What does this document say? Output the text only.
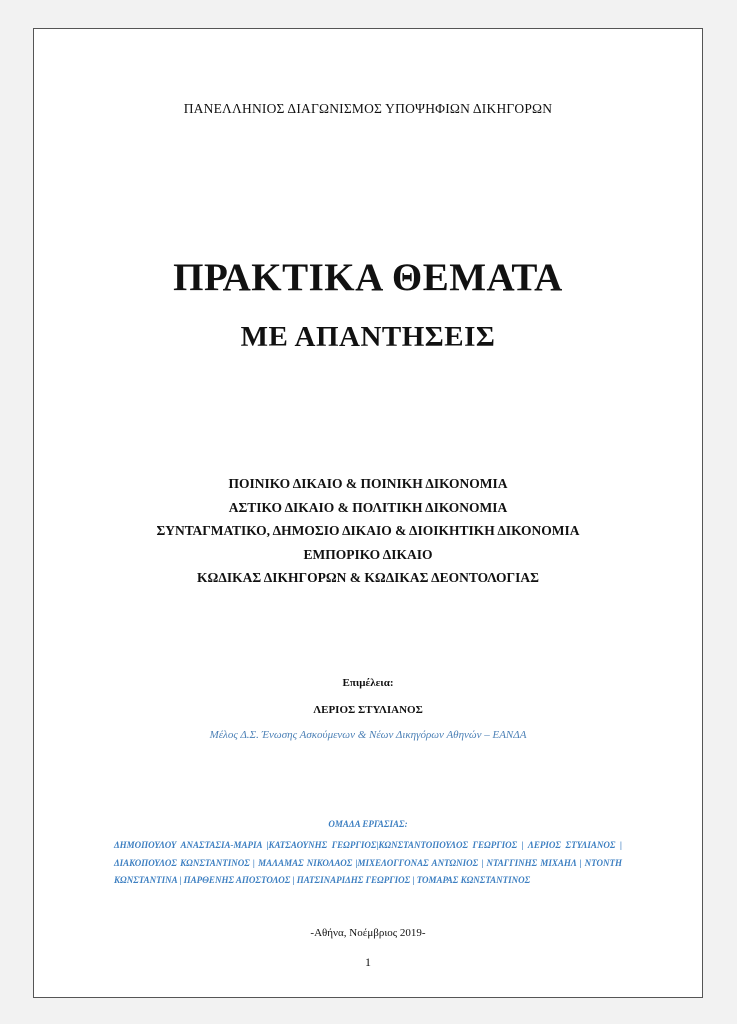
ΠΑΝΕΛΛΗΝΙΟΣ ΔΙΑΓΩΝΙΣΜΟΣ ΥΠΟΨΗΦΙΩΝ ΔΙΚΗΓΟΡΩΝ

ΠΡΑΚΤΙΚΑ ΘΕΜΑΤΑ

ΜΕ ΑΠΑΝΤΗΣΕΙΣ

ΠΟΙΝΙΚΟ ΔΙΚΑΙΟ & ΠΟΙΝΙΚΗ ΔΙΚΟΝΟΜΙΑ
ΑΣΤΙΚΟ ΔΙΚΑΙΟ & ΠΟΛΙΤΙΚΗ ΔΙΚΟΝΟΜΙΑ
ΣΥΝΤΑΓΜΑΤΙΚΟ, ΔΗΜΟΣΙΟ ΔΙΚΑΙΟ & ΔΙΟΙΚΗΤΙΚΗ ΔΙΚΟΝΟΜΙΑ
ΕΜΠΟΡΙΚΟ ΔΙΚΑΙΟ
ΚΩΔΙΚΑΣ ΔΙΚΗΓΟΡΩΝ & ΚΩΔΙΚΑΣ ΔΕΟΝΤΟΛΟΓΙΑΣ

Επιμέλεια:

ΛΕΡΙΟΣ ΣΤΥΛΙΑΝΟΣ

Μέλος Δ.Σ. Ένωσης Ασκούμενων & Νέων Δικηγόρων Αθηνών – ΕΑΝΔΑ

ΟΜΑΔΑ ΕΡΓΑΣΙΑΣ:

ΔΗΜΟΠΟΥΛΟΥ ΑΝΑΣΤΑΣΙΑ-ΜΑΡΙΑ |ΚΑΤΣΑΟΥΝΗΣ ΓΕΩΡΓΙΟΣ|ΚΩΝΣΤΑΝΤΟΠΟΥΛΟΣ ΓΕΩΡΓΙΟΣ | ΛΕΡΙΟΣ ΣΤΥΛΙΑΝΟΣ |ΔΙΑΚΟΠΟΥΛΟΣ ΚΩΝΣΤΑΝΤΙΝΟΣ | ΜΑΛΑΜΑΣ ΝΙΚΟΛΑΟΣ |ΜΙΧΕΛΟΓΓΟΝΑΣ ΑΝΤΩΝΙΟΣ | ΝΤΑΓΓΙΝΗΣ ΜΙΧΑΗΛ | ΝΤΟΝΤΗ ΚΩΝΣΤΑΝΤΙΝΑ | ΠΑΡΘΕΝΗΣ ΑΠΟΣΤΟΛΟΣ | ΠΑΤΣΙΝΑΡΙΔΗΣ ΓΕΩΡΓΙΟΣ | ΤΟΜΑΡΑΣ ΚΩΝΣΤΑΝΤΙΝΟΣ

-Αθήνα, Νοέμβριος 2019-

1
